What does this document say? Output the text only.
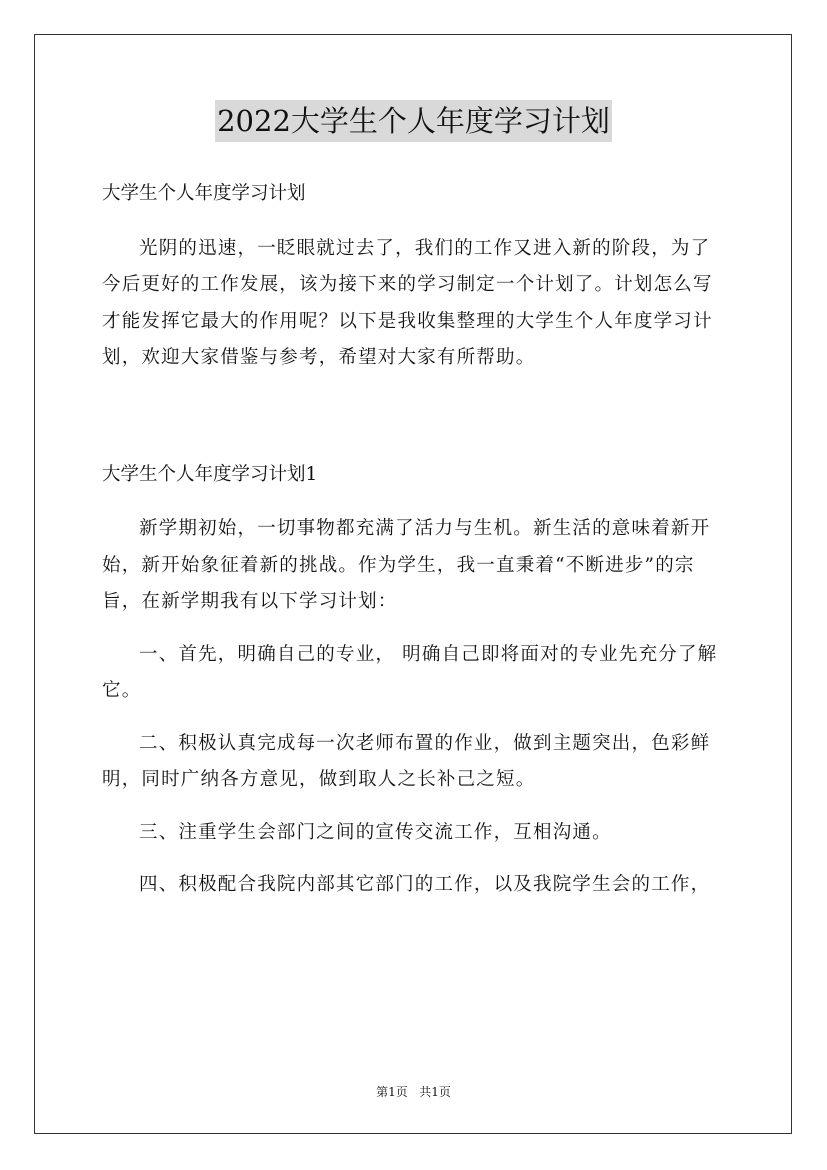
2022大学生个人年度学习计划

大学生个人年度学习计划

光阴的迅速，一眨眼就过去了，我们的工作又进入新的阶段，为了今后更好的工作发展，该为接下来的学习制定一个计划了。计划怎么写才能发挥它最大的作用呢？以下是我收集整理的大学生个人年度学习计划，欢迎大家借鉴与参考，希望对大家有所帮助。

大学生个人年度学习计划1

新学期初始，一切事物都充满了活力与生机。新生活的意味着新开始，新开始象征着新的挑战。作为学生，我一直秉着“不断进步”的宗旨，在新学期我有以下学习计划：

一、首先，明确自己的专业， 明确自己即将面对的专业先充分了解它。

二、积极认真完成每一次老师布置的作业，做到主题突出，色彩鲜明，同时广纳各方意见，做到取人之长补己之短。

三、注重学生会部门之间的宣传交流工作，互相沟通。

四、积极配合我院内部其它部门的工作，以及我院学生会的工作，

第1页 共1页
